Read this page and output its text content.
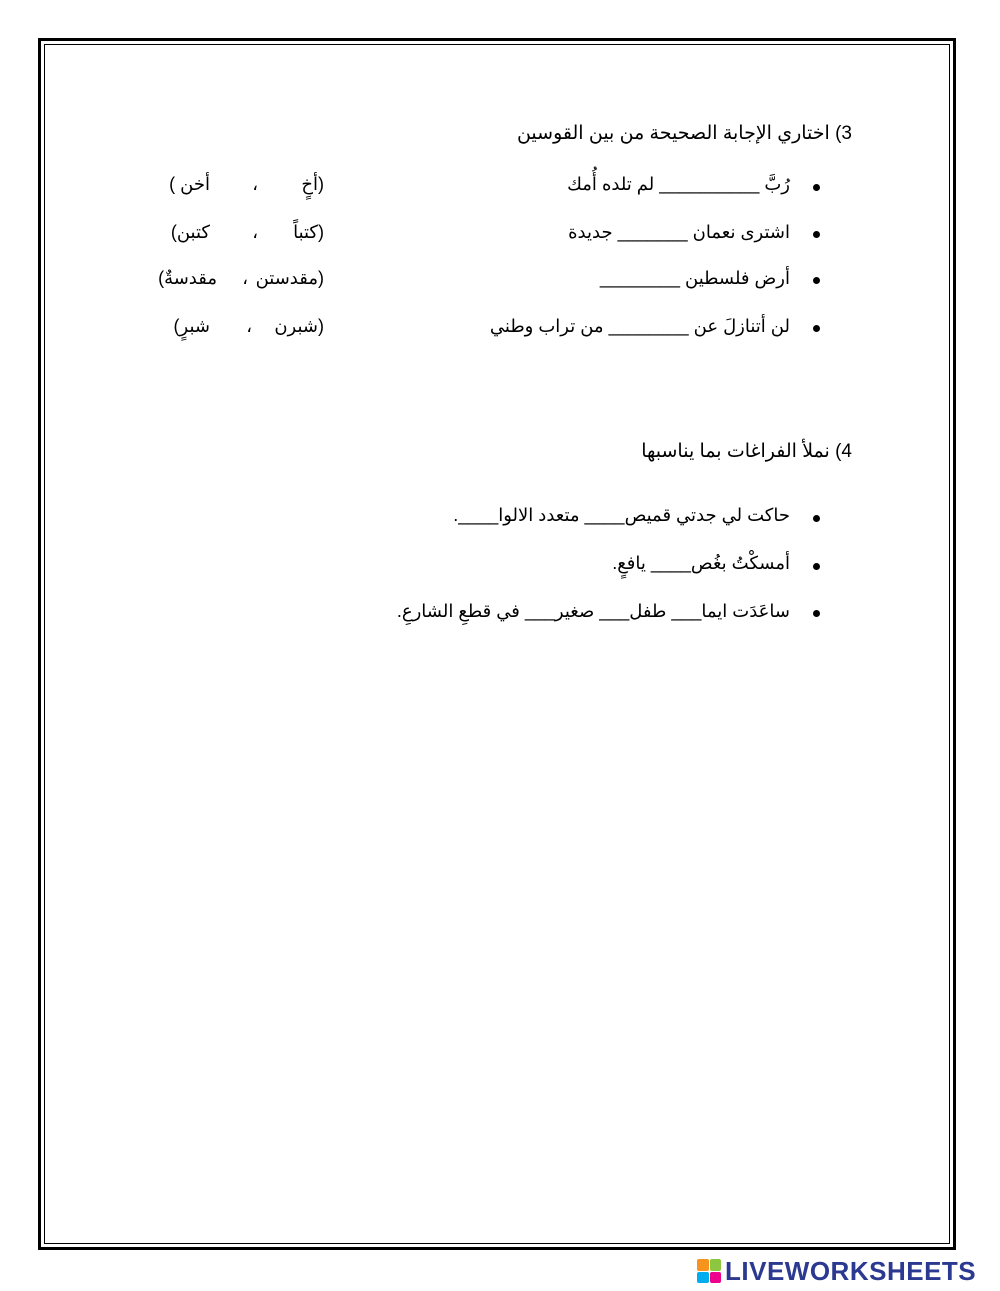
3) اختاري الإجابة الصحيحة من بين القوسين
رُبَّ __________ لم تلده أُمك
(أخٍ
،
أخن )
اشترى نعمان _______ جديدة
(كتباً
،
كتبن)
أرض فلسطين ________
(مقدستن
،
مقدسةٌ)
لن أتنازلَ عن ________ من تراب وطني
(شبرن
،
شبرٍ)
4) نملأ الفراغات بما يناسبها
حاكت لي جدتي قميص____ متعدد الالوا____.
أمسكْتُ بغُص____ يافعٍ.
ساعَدَت ايما___ طفل___ صغير___ في قطعِ الشارعِ.
LIVEWORKSHEETS
